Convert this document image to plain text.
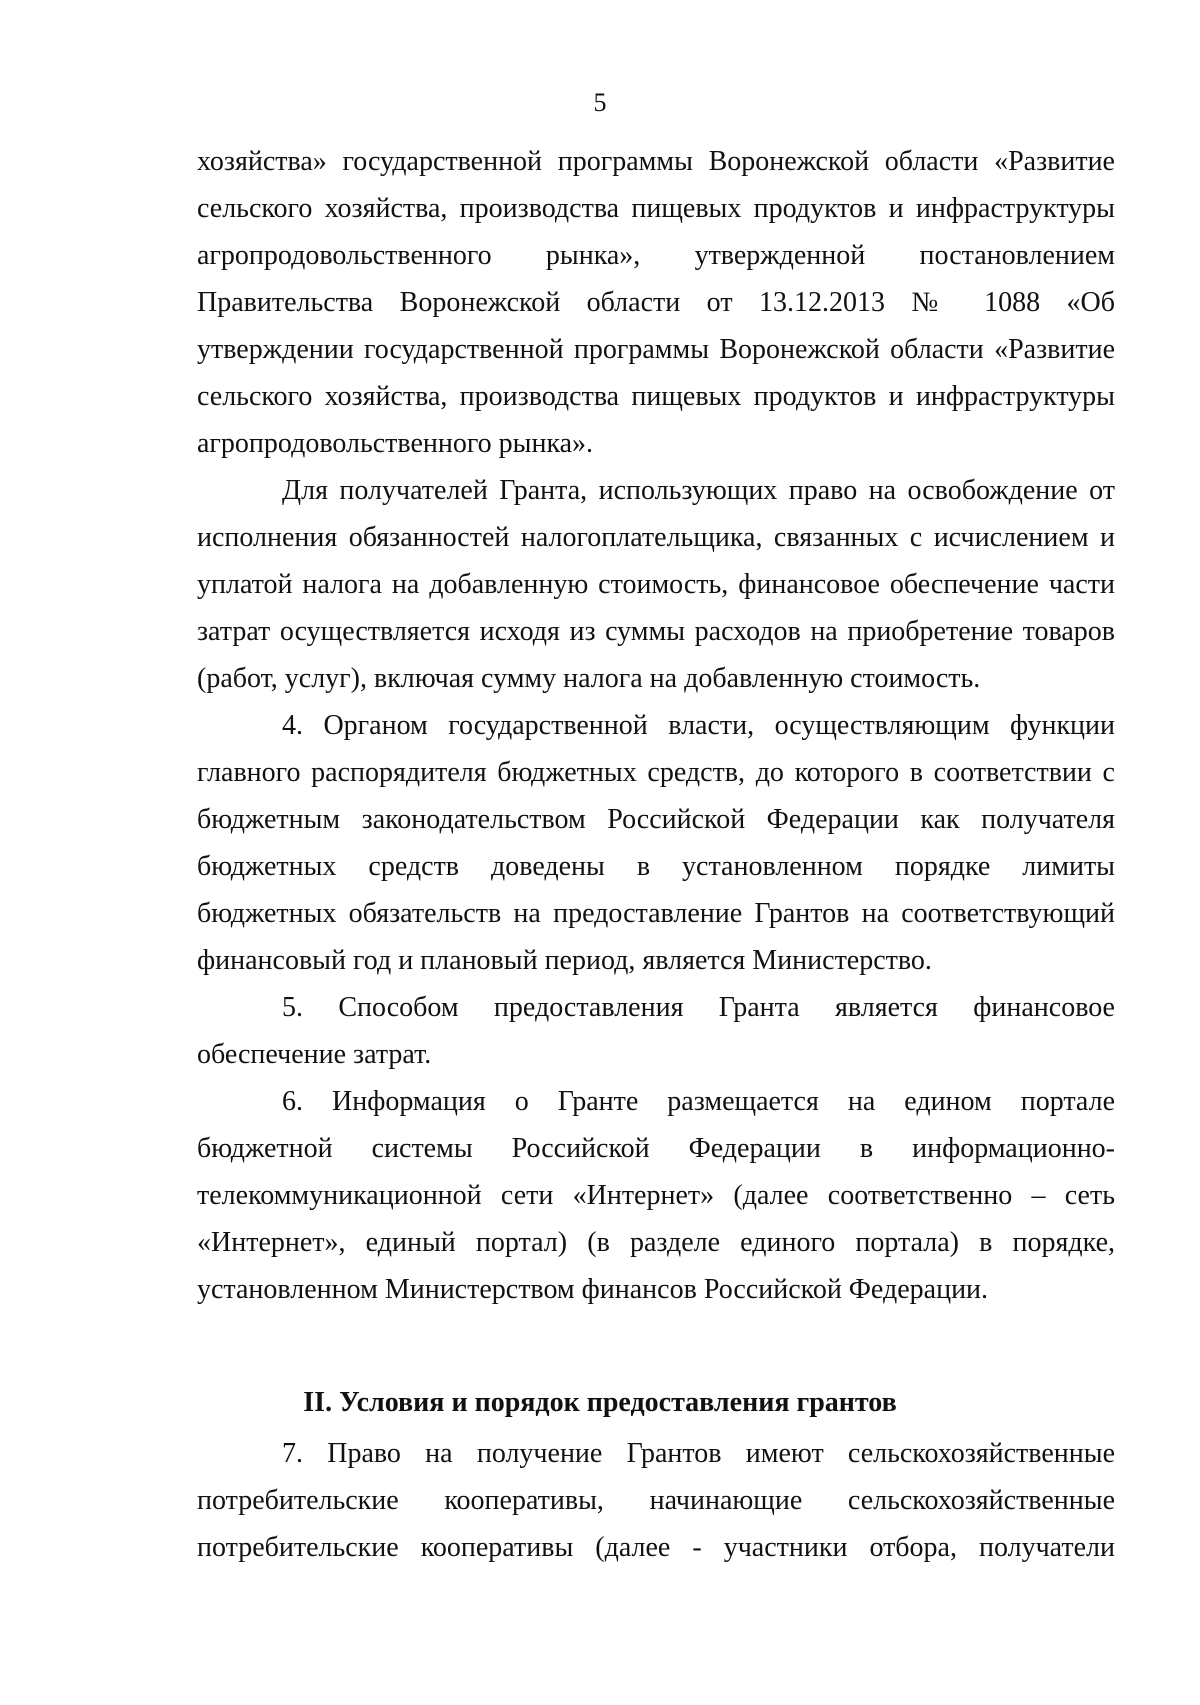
5
хозяйства» государственной программы Воронежской области «Развитие
сельского хозяйства, производства пищевых продуктов и инфраструктуры
агропродовольственного рынка», утвержденной постановлением
Правительства Воронежской области от 13.12.2013 № 1088 «Об
утверждении государственной программы Воронежской области «Развитие
сельского хозяйства, производства пищевых продуктов и инфраструктуры
агропродовольственного рынка».
Для получателей Гранта, использующих право на освобождение от
исполнения обязанностей налогоплательщика, связанных с исчислением и
уплатой налога на добавленную стоимость, финансовое обеспечение части
затрат осуществляется исходя из суммы расходов на приобретение товаров
(работ, услуг), включая сумму налога на добавленную стоимость.
4. Органом государственной власти, осуществляющим функции
главного распорядителя бюджетных средств, до которого в соответствии с
бюджетным законодательством Российской Федерации как получателя
бюджетных средств доведены в установленном порядке лимиты
бюджетных обязательств на предоставление Грантов на соответствующий
финансовый год и плановый период, является Министерство.
5. Способом предоставления Гранта является финансовое
обеспечение затрат.
6. Информация о Гранте размещается на едином портале
бюджетной системы Российской Федерации в информационно-
телекоммуникационной сети «Интернет» (далее соответственно – сеть
«Интернет», единый портал) (в разделе единого портала) в порядке,
установленном Министерством финансов Российской Федерации.
II. Условия и порядок предоставления грантов
7. Право на получение Грантов имеют сельскохозяйственные
потребительские кооперативы, начинающие сельскохозяйственные
потребительские кооперативы (далее - участники отбора, получатели
